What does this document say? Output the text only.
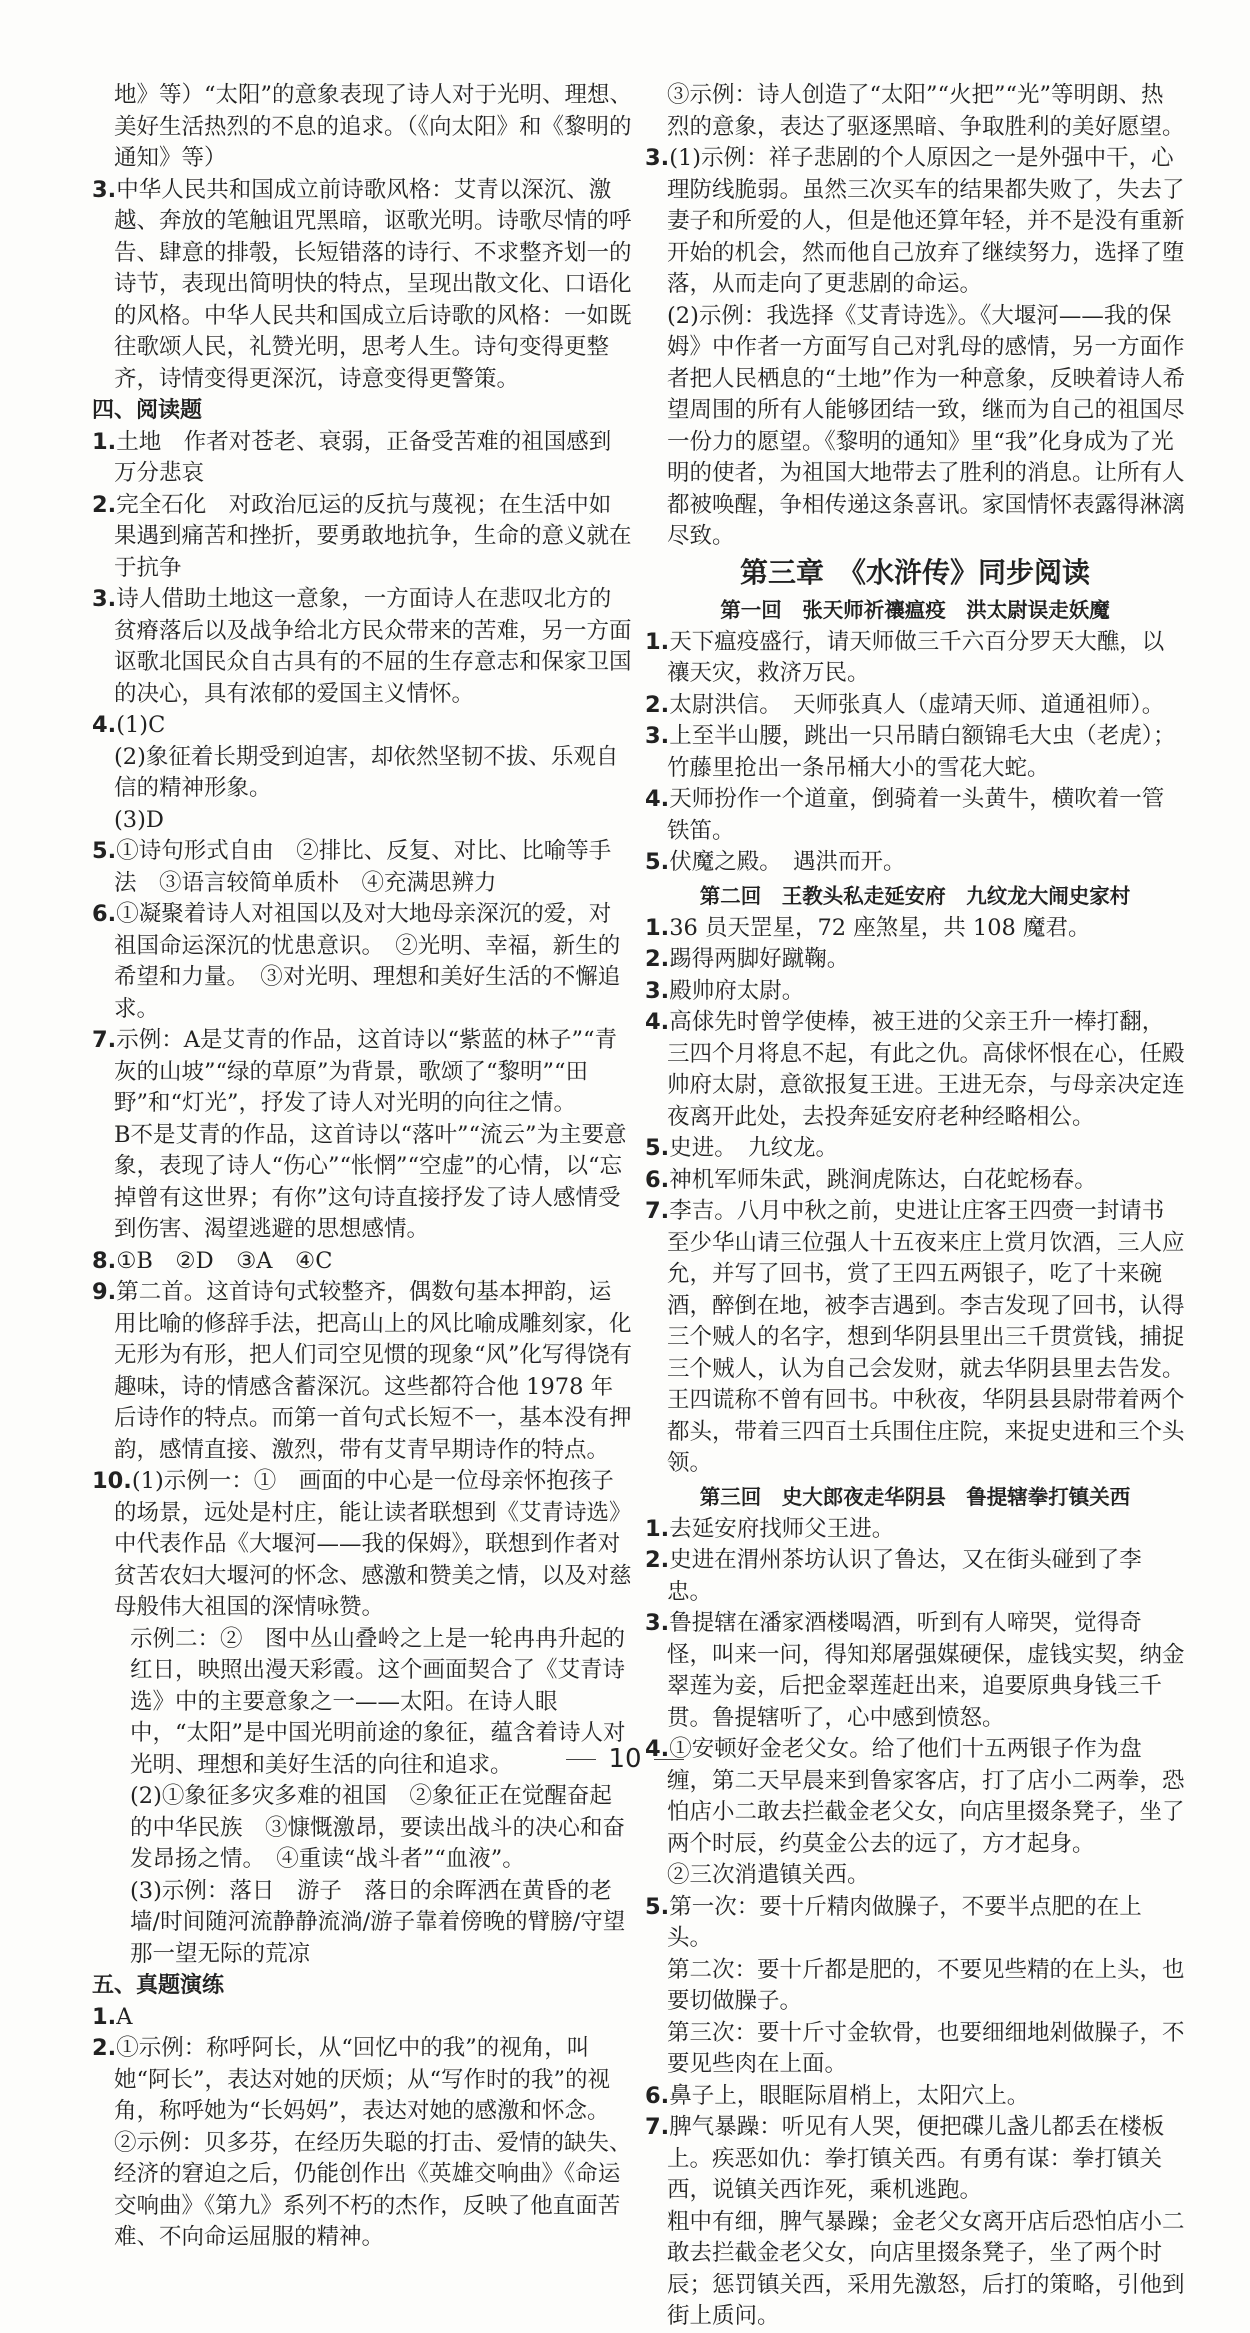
地》等）“太阳”的意象表现了诗人对于光明、理想、美好生活热烈的不息的追求。（《向太阳》和《黎明的通知》等）

3.中华人民共和国成立前诗歌风格：艾青以深沉、激越、奔放的笔触诅咒黑暗，讴歌光明。诗歌尽情的呼告、肆意的排彀，长短错落的诗行、不求整齐划一的诗节，表现出简明快的特点，呈现出散文化、口语化的风格。中华人民共和国成立后诗歌的风格：一如既往歌颂人民，礼赞光明，思考人生。诗句变得更整齐，诗情变得更深沉，诗意变得更警策。

四、阅读题

1.土地　作者对苍老、衰弱，正备受苦难的祖国感到万分悲哀

2.完全石化　对政治厄运的反抗与蔑视；在生活中如果遇到痛苦和挫折，要勇敢地抗争，生命的意义就在于抗争

3.诗人借助土地这一意象，一方面诗人在悲叹北方的贫瘠落后以及战争给北方民众带来的苦难，另一方面讴歌北国民众自古具有的不屈的生存意志和保家卫国的决心，具有浓郁的爱国主义情怀。

4.(1)C

(2)象征着长期受到迫害，却依然坚韧不拔、乐观自信的精神形象。

(3)D

5.①诗句形式自由　②排比、反复、对比、比喻等手法　③语言较简单质朴　④充满思辨力

6.①凝聚着诗人对祖国以及对大地母亲深沉的爱，对祖国命运深沉的忧患意识。　②光明、幸福，新生的希望和力量。　③对光明、理想和美好生活的不懈追求。

7.示例：A是艾青的作品，这首诗以“紫蓝的林子”“青灰的山坡”“绿的草原”为背景，歌颂了“黎明”“田野”和“灯光”，抒发了诗人对光明的向往之情。

B不是艾青的作品，这首诗以“落叶”“流云”为主要意象，表现了诗人“伤心”“怅惘”“空虚”的心情，以“忘掉曾有这世界；有你”这句诗直接抒发了诗人感情受到伤害、渴望逃避的思想感情。

8.①B　②D　③A　④C

9.第二首。这首诗句式较整齐，偶数句基本押韵，运用比喻的修辞手法，把高山上的风比喻成雕刻家，化无形为有形，把人们司空见惯的现象“风”化写得饶有趣味，诗的情感含蓄深沉。这些都符合他 1978 年后诗作的特点。而第一首句式长短不一，基本没有押韵，感情直接、激烈，带有艾青早期诗作的特点。

10.(1)示例一：①　画面的中心是一位母亲怀抱孩子的场景，远处是村庄，能让读者联想到《艾青诗选》中代表作品《大堰河——我的保姆》，联想到作者对贫苦农妇大堰河的怀念、感激和赞美之情，以及对慈母般伟大祖国的深情咏赞。

示例二：②　图中丛山叠岭之上是一轮冉冉升起的红日，映照出漫天彩霞。这个画面契合了《艾青诗选》中的主要意象之一——太阳。在诗人眼中，“太阳”是中国光明前途的象征，蕴含着诗人对光明、理想和美好生活的向往和追求。

(2)①象征多灾多难的祖国　②象征正在觉醒奋起的中华民族　③慷慨激昂，要读出战斗的决心和奋发昂扬之情。　④重读“战斗者”“血液”。

(3)示例：落日　游子　落日的余晖洒在黄昏的老墙/时间随河流静静流淌/游子靠着傍晚的臂膀/守望那一望无际的荒凉

五、真题演练

1.A

2.①示例：称呼阿长，从“回忆中的我”的视角，叫她“阿长”，表达对她的厌烦；从“写作时的我”的视角，称呼她为“长妈妈”，表达对她的感激和怀念。

②示例：贝多芬，在经历失聪的打击、爱情的缺失、经济的窘迫之后，仍能创作出《英雄交响曲》《命运交响曲》《第九》系列不朽的杰作，反映了他直面苦难、不向命运屈服的精神。

③示例：诗人创造了“太阳”“火把”“光”等明朗、热烈的意象，表达了驱逐黑暗、争取胜利的美好愿望。

3.(1)示例：祥子悲剧的个人原因之一是外强中干，心理防线脆弱。虽然三次买车的结果都失败了，失去了妻子和所爱的人，但是他还算年轻，并不是没有重新开始的机会，然而他自己放弃了继续努力，选择了堕落，从而走向了更悲剧的命运。

(2)示例：我选择《艾青诗选》。《大堰河——我的保姆》中作者一方面写自己对乳母的感情，另一方面作者把人民栖息的“土地”作为一种意象，反映着诗人希望周围的所有人能够团结一致，继而为自己的祖国尽一份力的愿望。《黎明的通知》里“我”化身成为了光明的使者，为祖国大地带去了胜利的消息。让所有人都被唤醒，争相传递这条喜讯。家国情怀表露得淋漓尽致。

第三章　《水浒传》同步阅读

第一回　张天师祈禳瘟疫　洪太尉误走妖魔

1.天下瘟疫盛行，请天师做三千六百分罗天大醮，以禳天灾，救济万民。

2.太尉洪信。　天师张真人（虚靖天师、道通祖师）。

3.上至半山腰，跳出一只吊睛白额锦毛大虫（老虎）；竹藤里抢出一条吊桶大小的雪花大蛇。

4.天师扮作一个道童，倒骑着一头黄牛，横吹着一管铁笛。

5.伏魔之殿。　遇洪而开。

第二回　王教头私走延安府　九纹龙大闹史家村

1.36 员天罡星，72 座煞星，共 108 魔君。

2.踢得两脚好蹴鞠。

3.殿帅府太尉。

4.高俅先时曾学使棒，被王进的父亲王升一棒打翻，三四个月将息不起，有此之仇。高俅怀恨在心，任殿帅府太尉，意欲报复王进。王进无奈，与母亲决定连夜离开此处，去投奔延安府老种经略相公。

5.史进。　九纹龙。

6.神机军师朱武，跳涧虎陈达，白花蛇杨春。

7.李吉。八月中秋之前，史进让庄客王四赍一封请书至少华山请三位强人十五夜来庄上赏月饮酒，三人应允，并写了回书，赏了王四五两银子，吃了十来碗酒，醉倒在地，被李吉遇到。李吉发现了回书，认得三个贼人的名字，想到华阴县里出三千贯赏钱，捕捉三个贼人，认为自己会发财，就去华阴县里去告发。王四谎称不曾有回书。中秋夜，华阴县县尉带着两个都头，带着三四百士兵围住庄院，来捉史进和三个头领。

第三回　史大郎夜走华阴县　鲁提辖拳打镇关西

1.去延安府找师父王进。

2.史进在渭州茶坊认识了鲁达，又在街头碰到了李忠。

3.鲁提辖在潘家酒楼喝酒，听到有人啼哭，觉得奇怪，叫来一问，得知郑屠强媒硬保，虚钱实契，纳金翠莲为妾，后把金翠莲赶出来，追要原典身钱三千贯。鲁提辖听了，心中感到愤怒。

4.①安顿好金老父女。给了他们十五两银子作为盘缠，第二天早晨来到鲁家客店，打了店小二两拳，恐怕店小二敢去拦截金老父女，向店里掇条凳子，坐了两个时辰，约莫金公去的远了，方才起身。

②三次消遣镇关西。

5.第一次：要十斤精肉做臊子，不要半点肥的在上头。

第二次：要十斤都是肥的，不要见些精的在上头，也要切做臊子。

第三次：要十斤寸金软骨，也要细细地剁做臊子，不要见些肉在上面。

6.鼻子上，眼眶际眉梢上，太阳穴上。

7.脾气暴躁：听见有人哭，便把碟儿盏儿都丢在楼板上。疾恶如仇：拳打镇关西。有勇有谋：拳打镇关西，说镇关西诈死，乘机逃跑。

粗中有细，脾气暴躁；金老父女离开店后恐怕店小二敢去拦截金老父女，向店里掇条凳子，坐了两个时辰；惩罚镇关西，采用先激怒，后打的策略，引他到街上质问。

10
